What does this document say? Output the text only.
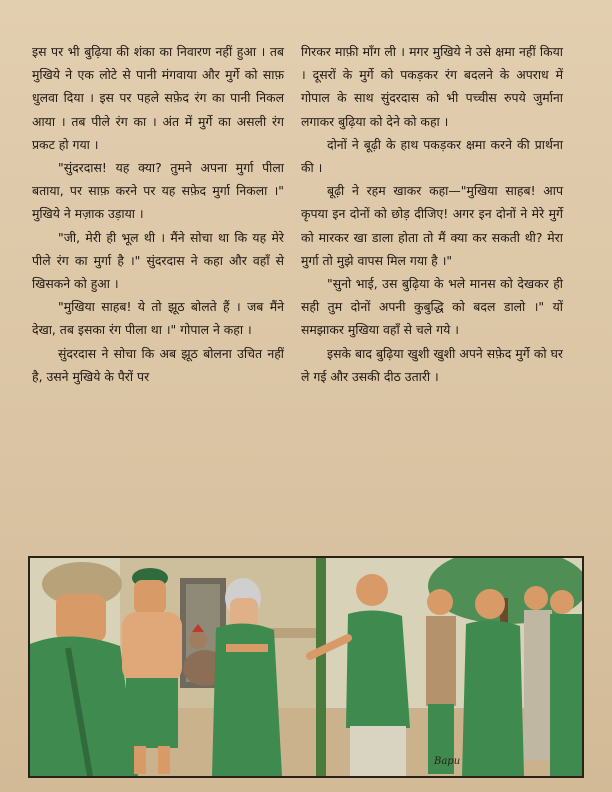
इस पर भी बुढ़िया की शंका का निवारण नहीं हुआ । तब मुखिये ने एक लोटे से पानी मंगवाया और मुर्गे को साफ़ धुलवा दिया । इस पर पहले सफ़ेद रंग का पानी निकल आया । तब पीले रंग का । अंत में मुर्गे का असली रंग प्रकट हो गया ।

"सुंदरदास! यह क्या? तुमने अपना मुर्गा पीला बताया, पर साफ़ करने पर यह सफ़ेद मुर्गा निकला ।" मुखिये ने मज़ाक उड़ाया ।

"जी, मेरी ही भूल थी । मैंने सोचा था कि यह मेरे पीले रंग का मुर्गा है ।" सुंदरदास ने कहा और वहाँ से खिसकने को हुआ ।

"मुखिया साहब! ये तो झूठ बोलते हैं । जब मैंने देखा, तब इसका रंग पीला था ।" गोपाल ने कहा ।

सुंदरदास ने सोचा कि अब झूठ बोलना उचित नहीं है, उसने मुखिये के पैरों पर

गिरकर माफ़ी माँग ली । मगर मुखिये ने उसे क्षमा नहीं किया । दूसरों के मुर्गे को पकड़कर रंग बदलने के अपराध में गोपाल के साथ सुंदरदास को भी पच्चीस रुपये जुर्माना लगाकर बुढ़िया को देने को कहा ।

दोनों ने बूढ़ी के हाथ पकड़कर क्षमा करने की प्रार्थना की ।

बूढ़ी ने रहम खाकर कहा—"मुखिया साहब! आप कृपया इन दोनों को छोड़ दीजिए! अगर इन दोनों ने मेरे मुर्गे को मारकर खा डाला होता तो मैं क्या कर सकती थी? मेरा मुर्गा तो मुझे वापस मिल गया है ।"

"सुनो भाई, उस बुढ़िया के भले मानस को देखकर ही सही तुम दोनों अपनी कुबुद्धि को बदल डालो ।" यों समझाकर मुखिया वहाँ से चले गये ।

इसके बाद बुढ़िया खुशी खुशी अपने सफ़ेद मुर्गे को घर ले गई और उसकी दीठ उतारी ।

Bapu
